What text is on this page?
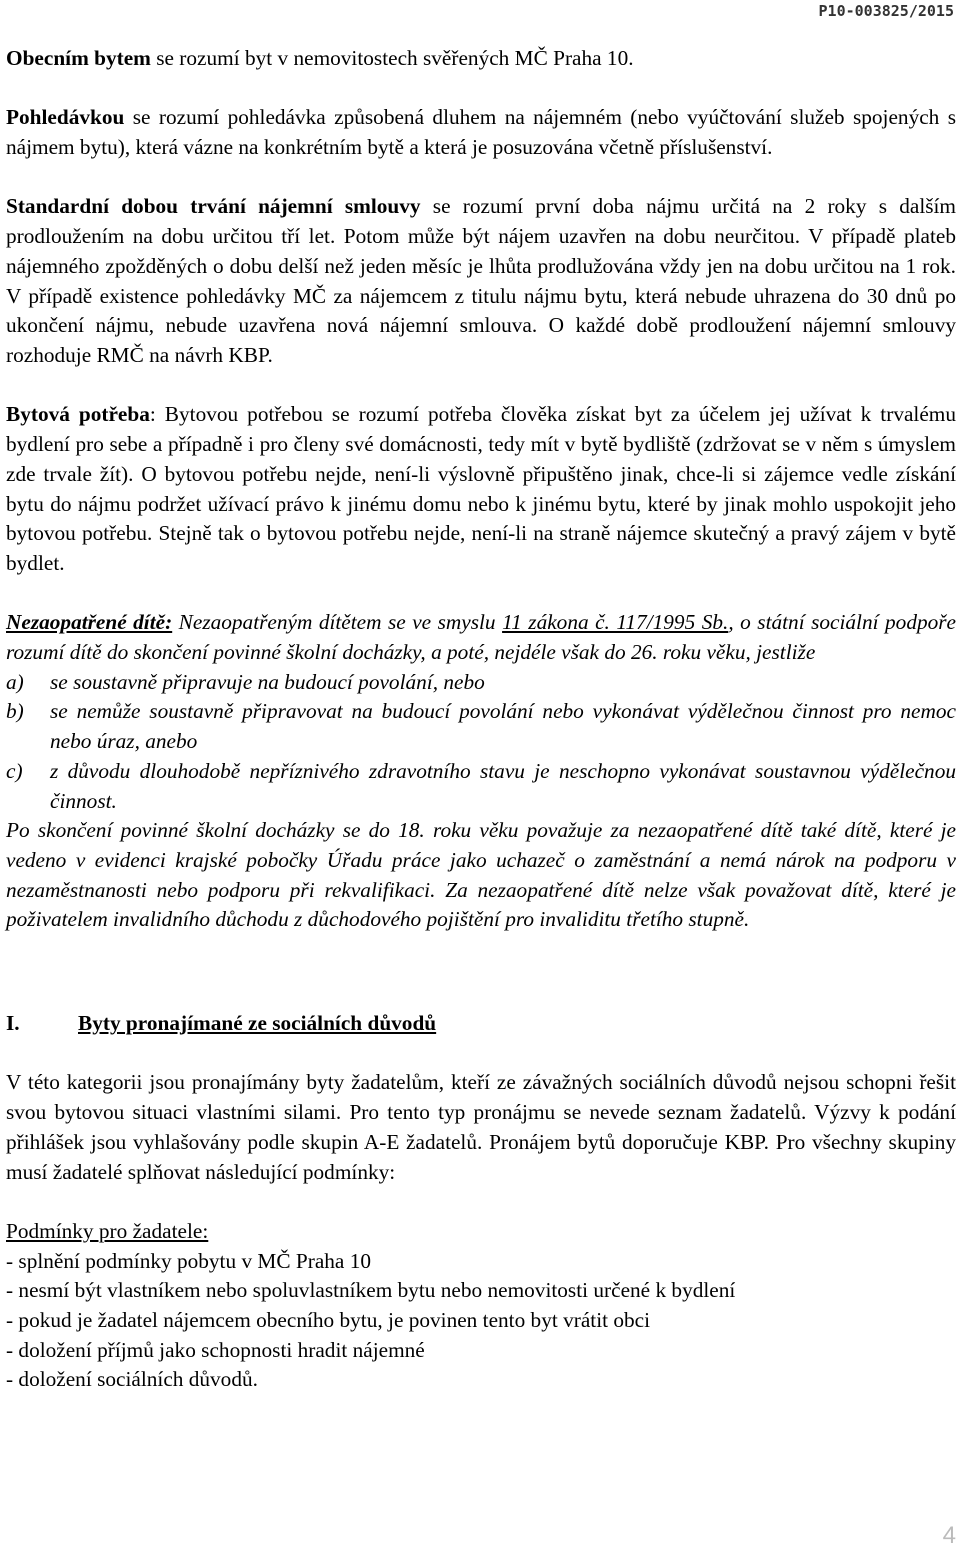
P10-003825/2015

Obecním bytem se rozumí byt v nemovitostech svěřených MČ Praha 10.

Pohledávkou se rozumí pohledávka způsobená dluhem na nájemném (nebo vyúčtování služeb spojených s nájmem bytu), která vázne na konkrétním bytě a která je posuzována včetně příslušenství.

Standardní dobou trvání nájemní smlouvy se rozumí první doba nájmu určitá na 2 roky s dalším prodloužením na dobu určitou tří let. Potom může být nájem uzavřen na dobu neurčitou. V případě plateb nájemného zpožděných o dobu delší než jeden měsíc je lhůta prodlužována vždy jen na dobu určitou na 1 rok. V případě existence pohledávky MČ za nájemcem z titulu nájmu bytu, která nebude uhrazena do 30 dnů po ukončení nájmu, nebude uzavřena nová nájemní smlouva. O každé době prodloužení nájemní smlouvy rozhoduje RMČ na návrh KBP.

Bytová potřeba: Bytovou potřebou se rozumí potřeba člověka získat byt za účelem jej užívat k trvalému bydlení pro sebe a případně i pro členy své domácnosti, tedy mít v bytě bydliště (zdržovat se v něm s úmyslem zde trvale žít). O bytovou potřebu nejde, není-li výslovně připuštěno jinak, chce-li si zájemce vedle získání bytu do nájmu podržet užívací právo k jinému domu nebo k jinému bytu, které by jinak mohlo uspokojit jeho bytovou potřebu. Stejně tak o bytovou potřebu nejde, není-li na straně nájemce skutečný a pravý zájem v bytě bydlet.

Nezaopatřené dítě: Nezaopatřeným dítětem se ve smyslu 11 zákona č. 117/1995 Sb., o státní sociální podpoře rozumí dítě do skončení povinné školní docházky, a poté, nejdéle však do 26. roku věku, jestliže

a)	se soustavně připravuje na budoucí povolání, nebo
b)	se nemůže soustavně připravovat na budoucí povolání nebo vykonávat výdělečnou činnost pro nemoc nebo úraz, anebo
c)	z důvodu dlouhodobě nepříznivého zdravotního stavu je neschopno vykonávat soustavnou výdělečnou činnost.

Po skončení povinné školní docházky se do 18. roku věku považuje za nezaopatřené dítě také dítě, které je vedeno v evidenci krajské pobočky Úřadu práce jako uchazeč o zaměstnání a nemá nárok na podporu v nezaměstnanosti nebo podporu při rekvalifikaci. Za nezaopatřené dítě nelze však považovat dítě, které je poživatelem invalidního důchodu z důchodového pojištění pro invaliditu třetího stupně.

I.	Byty pronajímané ze sociálních důvodů

V této kategorii jsou pronajímány byty žadatelům, kteří ze závažných sociálních důvodů nejsou schopni řešit svou bytovou situaci vlastními silami. Pro tento typ pronájmu se nevede seznam žadatelů. Výzvy k podání přihlášek jsou vyhlašovány podle skupin A-E žadatelů. Pronájem bytů doporučuje KBP. Pro všechny skupiny musí žadatelé splňovat následující podmínky:

Podmínky pro žadatele:
- splnění podmínky pobytu v MČ Praha 10
- nesmí být vlastníkem nebo spoluvlastníkem bytu nebo nemovitosti určené k bydlení
- pokud je žadatel nájemcem obecního bytu, je povinen tento byt vrátit obci
- doložení příjmů jako schopnosti hradit nájemné
- doložení sociálních důvodů.
4
